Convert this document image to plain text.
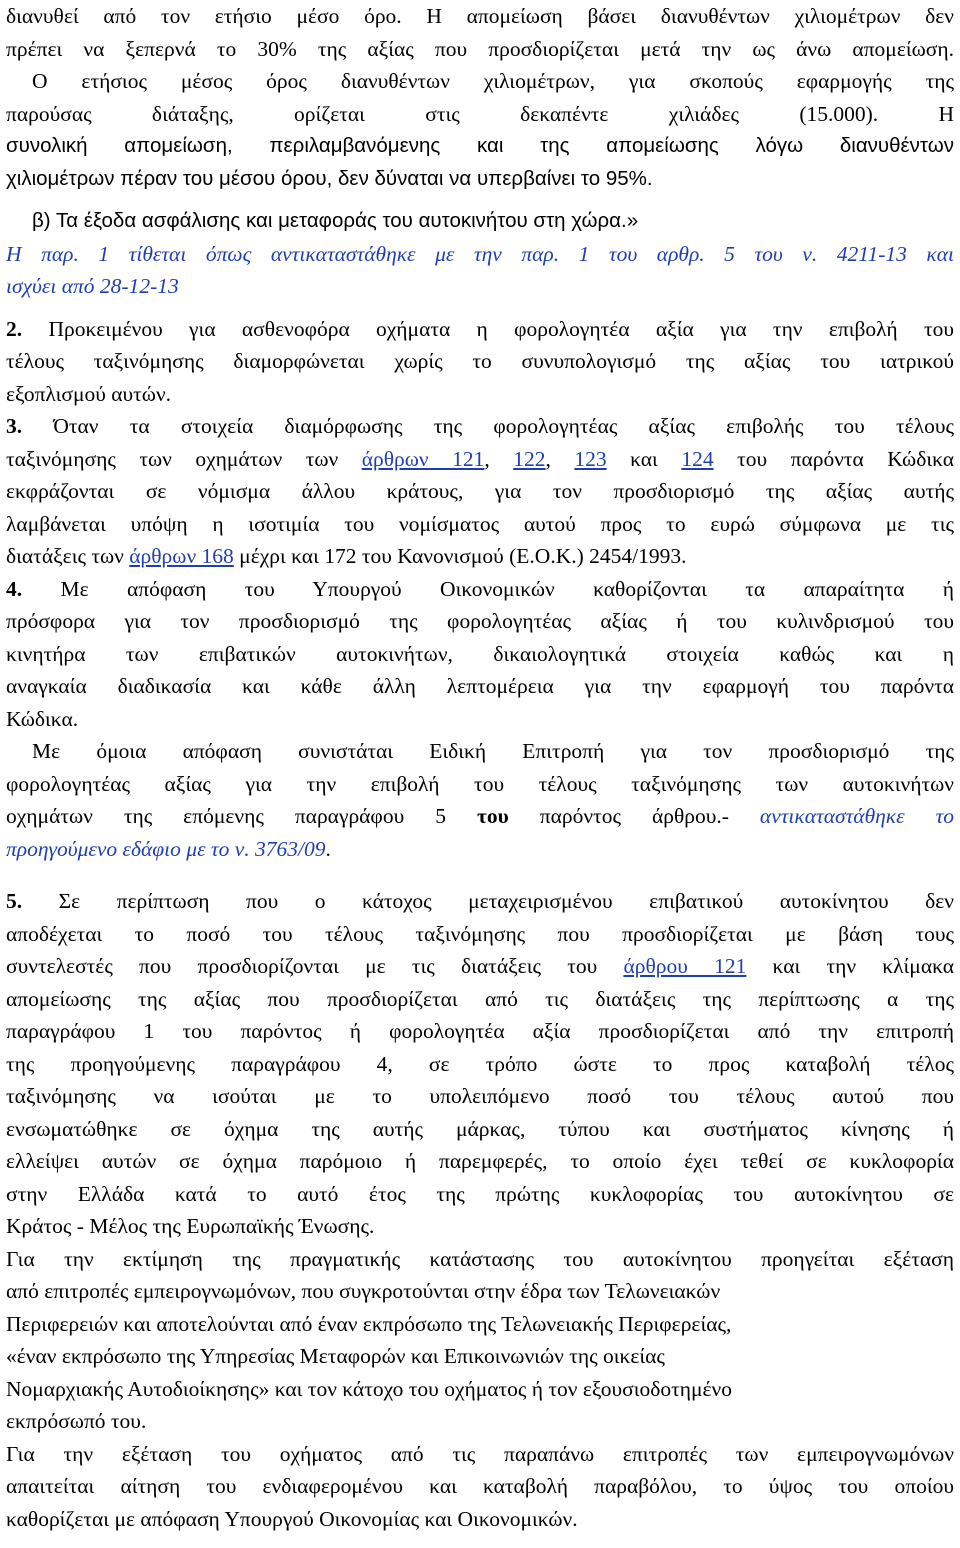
διανυθεί από τον ετήσιο μέσο όρο. Η απομείωση βάσει διανυθέντων χιλιομέτρων δεν
πρέπει να ξεπερνά το 30% της αξίας που προσδιορίζεται μετά την ως άνω απομείωση.
Ο ετήσιος μέσος όρος διανυθέντων χιλιομέτρων, για σκοπούς εφαρμογής της
παρούσας διάταξης, ορίζεται στις δεκαπέντε χιλιάδες (15.000). Η
συνολική απομείωση, περιλαμβανόμενης και της απομείωσης λόγω διανυθέντων
χιλιομέτρων πέραν του μέσου όρου, δεν δύναται να υπερβαίνει το 95%.
β) Τα έξοδα ασφάλισης και μεταφοράς του αυτοκινήτου στη χώρα.»
Η παρ. 1 τίθεται όπως αντικαταστάθηκε με την παρ. 1 του αρθρ. 5 του ν. 4211-13 και
ισχύει από 28-12-13
2. Προκειμένου για ασθενοφόρα οχήματα η φορολογητέα αξία για την επιβολή του
τέλους ταξινόμησης διαμορφώνεται χωρίς το συνυπολογισμό της αξίας του ιατρικού
εξοπλισμού αυτών.
3. Όταν τα στοιχεία διαμόρφωσης της φορολογητέας αξίας επιβολής του τέλους
ταξινόμησης των οχημάτων των άρθρων 121, 122, 123 και 124 του παρόντα Κώδικα
εκφράζονται σε νόμισμα άλλου κράτους, για τον προσδιορισμό της αξίας αυτής
λαμβάνεται υπόψη η ισοτιμία του νομίσματος αυτού προς το ευρώ σύμφωνα με τις
διατάξεις των άρθρων 168 μέχρι και 172 του Κανονισμού (Ε.Ο.Κ.) 2454/1993.
4. Με απόφαση του Υπουργού Οικονομικών καθορίζονται τα απαραίτητα ή
πρόσφορα για τον προσδιορισμό της φορολογητέας αξίας ή του κυλινδρισμού του
κινητήρα των επιβατικών αυτοκινήτων, δικαιολογητικά στοιχεία καθώς και η
αναγκαία διαδικασία και κάθε άλλη λεπτομέρεια για την εφαρμογή του παρόντα
Κώδικα.
Με όμοια απόφαση συνιστάται Ειδική Επιτροπή για τον προσδιορισμό της
φορολογητέας αξίας για την επιβολή του τέλους ταξινόμησης των αυτοκινήτων
οχημάτων της επόμενης παραγράφου 5 του παρόντος άρθρου.- αντικαταστάθηκε το
προηγούμενο εδάφιο με το ν. 3763/09.
5. Σε περίπτωση που ο κάτοχος μεταχειρισμένου επιβατικού αυτοκίνητου δεν
αποδέχεται το ποσό του τέλους ταξινόμησης που προσδιορίζεται με βάση τους
συντελεστές που προσδιορίζονται με τις διατάξεις του άρθρου 121 και την κλίμακα
απομείωσης της αξίας που προσδιορίζεται από τις διατάξεις της περίπτωσης α της
παραγράφου 1 του παρόντος ή φορολογητέα αξία προσδιορίζεται από την επιτροπή
της προηγούμενης παραγράφου 4, σε τρόπο ώστε το προς καταβολή τέλος
ταξινόμησης να ισούται με το υπολειπόμενο ποσό του τέλους αυτού που
ενσωματώθηκε σε όχημα της αυτής μάρκας, τύπου και συστήματος κίνησης ή
ελλείψει αυτών σε όχημα παρόμοιο ή παρεμφερές, το οποίο έχει τεθεί σε κυκλοφορία
στην Ελλάδα κατά το αυτό έτος της πρώτης κυκλοφορίας του αυτοκίνητου σε
Κράτος - Μέλος της Ευρωπαϊκής Ένωσης.
Για την εκτίμηση της πραγματικής κατάστασης του αυτοκίνητου προηγείται εξέταση
από επιτροπές εμπειρογνωμόνων, που συγκροτούνται στην έδρα των Τελωνειακών
Περιφερειών και αποτελούνται από έναν εκπρόσωπο της Τελωνειακής Περιφερείας,
«έναν εκπρόσωπο της Υπηρεσίας Μεταφορών και Επικοινωνιών της οικείας
Νομαρχιακής Αυτοδιοίκησης» και τον κάτοχο του οχήματος ή τον εξουσιοδοτημένο
εκπρόσωπό του.
Για την εξέταση του οχήματος από τις παραπάνω επιτροπές των εμπειρογνωμόνων
απαιτείται αίτηση του ενδιαφερομένου και καταβολή παραβόλου, το ύψος του οποίου
καθορίζεται με απόφαση Υπουργού Οικονομίας και Οικονομικών.
